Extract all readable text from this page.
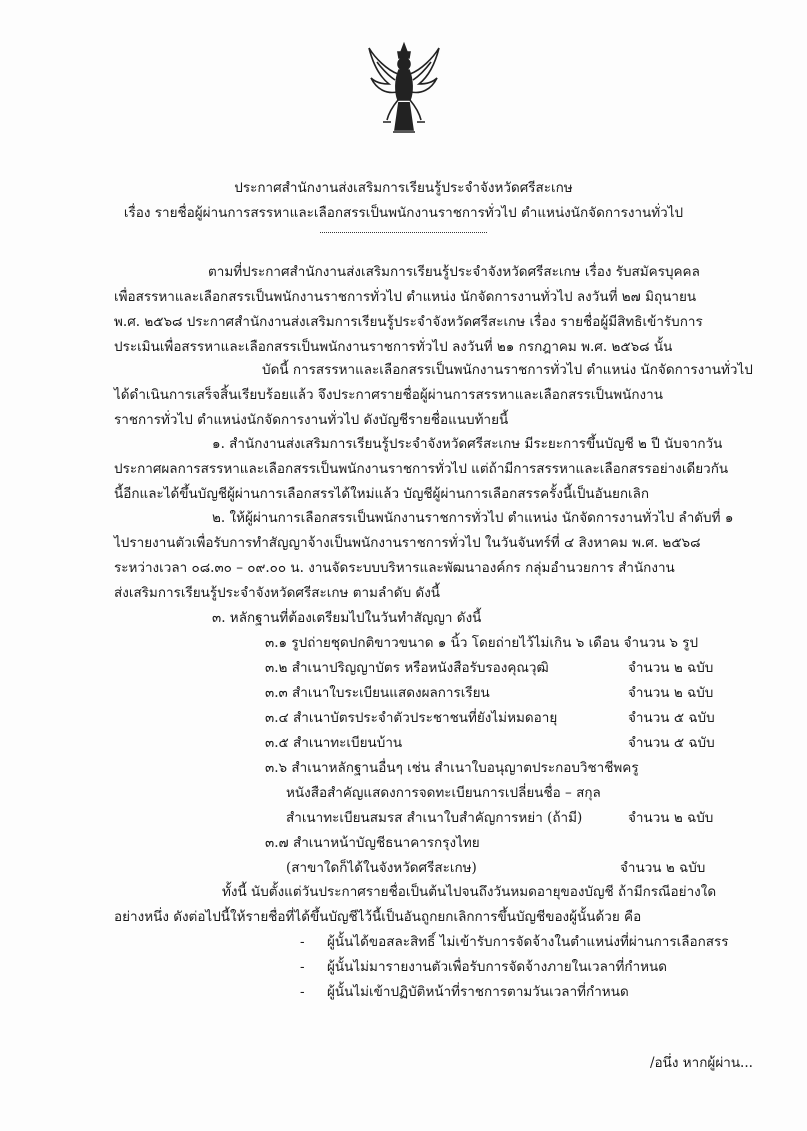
ประกาศสำนักงานส่งเสริมการเรียนรู้ประจำจังหวัดศรีสะเกษ
เรื่อง รายชื่อผู้ผ่านการสรรหาและเลือกสรรเป็นพนักงานราชการทั่วไป ตำแหน่งนักจัดการงานทั่วไป
ตามที่ประกาศสำนักงานส่งเสริมการเรียนรู้ประจำจังหวัดศรีสะเกษ เรื่อง รับสมัครบุคคล
เพื่อสรรหาและเลือกสรรเป็นพนักงานราชการทั่วไป ตำแหน่ง นักจัดการงานทั่วไป ลงวันที่ ๒๗ มิถุนายน
พ.ศ. ๒๕๖๘ ประกาศสำนักงานส่งเสริมการเรียนรู้ประจำจังหวัดศรีสะเกษ เรื่อง รายชื่อผู้มีสิทธิเข้ารับการ
ประเมินเพื่อสรรหาและเลือกสรรเป็นพนักงานราชการทั่วไป ลงวันที่ ๒๑ กรกฎาคม พ.ศ. ๒๕๖๘ นั้น
บัดนี้ การสรรหาและเลือกสรรเป็นพนักงานราชการทั่วไป ตำแหน่ง นักจัดการงานทั่วไป
ได้ดำเนินการเสร็จสิ้นเรียบร้อยแล้ว จึงประกาศรายชื่อผู้ผ่านการสรรหาและเลือกสรรเป็นพนักงาน
ราชการทั่วไป ตำแหน่งนักจัดการงานทั่วไป ดังบัญชีรายชื่อแนบท้ายนี้
๑. สำนักงานส่งเสริมการเรียนรู้ประจำจังหวัดศรีสะเกษ มีระยะการขึ้นบัญชี ๒ ปี นับจากวัน
ประกาศผลการสรรหาและเลือกสรรเป็นพนักงานราชการทั่วไป แต่ถ้ามีการสรรหาและเลือกสรรอย่างเดียวกัน
นี้อีกและได้ขึ้นบัญชีผู้ผ่านการเลือกสรรได้ใหม่แล้ว บัญชีผู้ผ่านการเลือกสรรครั้งนี้เป็นอันยกเลิก
๒. ให้ผู้ผ่านการเลือกสรรเป็นพนักงานราชการทั่วไป ตำแหน่ง นักจัดการงานทั่วไป ลำดับที่ ๑
ไปรายงานตัวเพื่อรับการทำสัญญาจ้างเป็นพนักงานราชการทั่วไป ในวันจันทร์ที่ ๔ สิงหาคม พ.ศ. ๒๕๖๘
ระหว่างเวลา ๐๘.๓๐ – ๐๙.๐๐ น. งานจัดระบบบริหารและพัฒนาองค์กร กลุ่มอำนวยการ สำนักงาน
ส่งเสริมการเรียนรู้ประจำจังหวัดศรีสะเกษ ตามลำดับ ดังนี้
๓. หลักฐานที่ต้องเตรียมไปในวันทำสัญญา ดังนี้
๓.๑ รูปถ่ายชุดปกติขาวขนาด ๑ นิ้ว โดยถ่ายไว้ไม่เกิน ๖ เดือน จำนวน ๖ รูป
๓.๒ สำเนาปริญญาบัตร หรือหนังสือรับรองคุณวุฒิ	จำนวน ๒ ฉบับ
๓.๓ สำเนาใบระเบียนแสดงผลการเรียน	จำนวน ๒ ฉบับ
๓.๔ สำเนาบัตรประจำตัวประชาชนที่ยังไม่หมดอายุ	จำนวน ๕ ฉบับ
๓.๕ สำเนาทะเบียนบ้าน	จำนวน ๕ ฉบับ
๓.๖ สำเนาหลักฐานอื่นๆ เช่น สำเนาใบอนุญาตประกอบวิชาชีพครู
หนังสือสำคัญแสดงการจดทะเบียนการเปลี่ยนชื่อ – สกุล
สำเนาทะเบียนสมรส สำเนาใบสำคัญการหย่า (ถ้ามี)	จำนวน ๒ ฉบับ
๓.๗ สำเนาหน้าบัญชีธนาคารกรุงไทย
(สาขาใดก็ได้ในจังหวัดศรีสะเกษ)	จำนวน ๒ ฉบับ
ทั้งนี้ นับตั้งแต่วันประกาศรายชื่อเป็นต้นไปจนถึงวันหมดอายุของบัญชี ถ้ามีกรณีอย่างใด
อย่างหนึ่ง ดังต่อไปนี้ให้รายชื่อที่ได้ขึ้นบัญชีไว้นี้เป็นอันถูกยกเลิกการขึ้นบัญชีของผู้นั้นด้วย คือ
- ผู้นั้นได้ขอสละสิทธิ์ ไม่เข้ารับการจัดจ้างในตำแหน่งที่ผ่านการเลือกสรร
- ผู้นั้นไม่มารายงานตัวเพื่อรับการจัดจ้างภายในเวลาที่กำหนด
- ผู้นั้นไม่เข้าปฏิบัติหน้าที่ราชการตามวันเวลาที่กำหนด
/อนึ่ง หากผู้ผ่าน...
